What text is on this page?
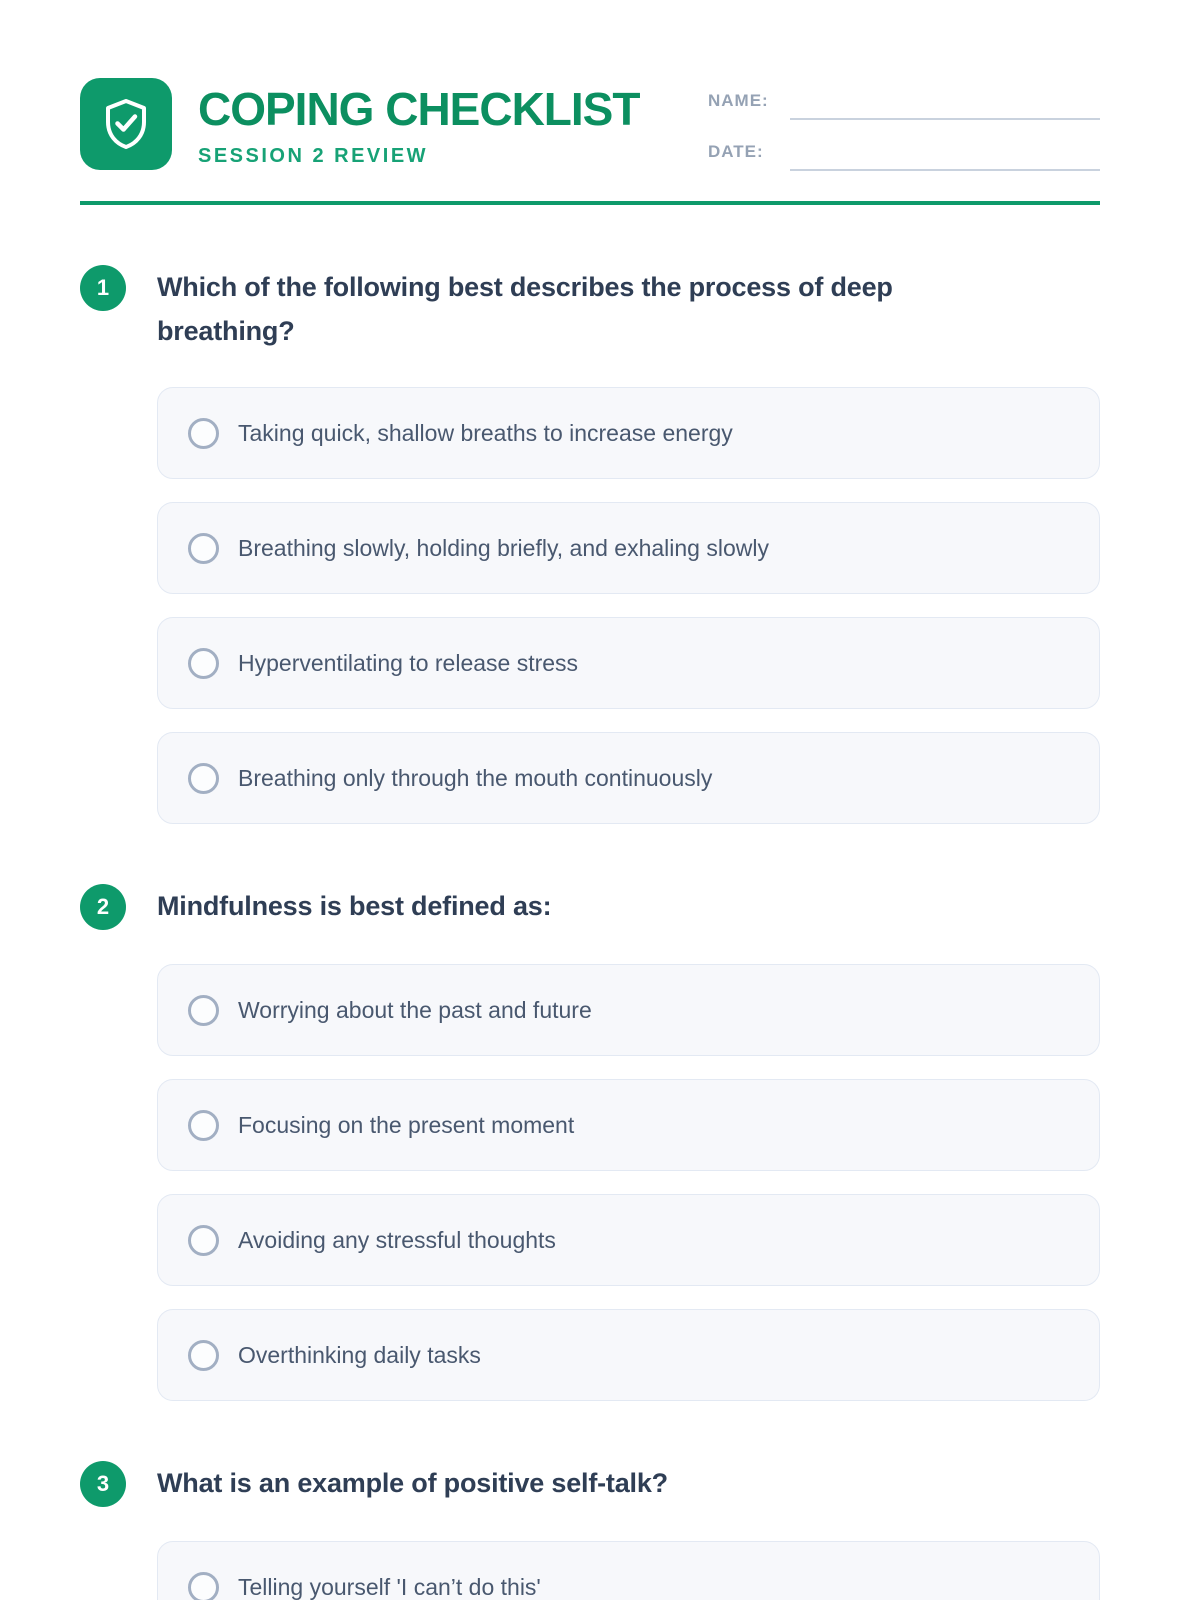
COPING CHECKLIST
SESSION 2 REVIEW
NAME:
DATE:
1	Which of the following best describes the process of deep breathing?
Taking quick, shallow breaths to increase energy
Breathing slowly, holding briefly, and exhaling slowly
Hyperventilating to release stress
Breathing only through the mouth continuously
2	Mindfulness is best defined as:
Worrying about the past and future
Focusing on the present moment
Avoiding any stressful thoughts
Overthinking daily tasks
3	What is an example of positive self-talk?
Telling yourself 'I can’t do this'
